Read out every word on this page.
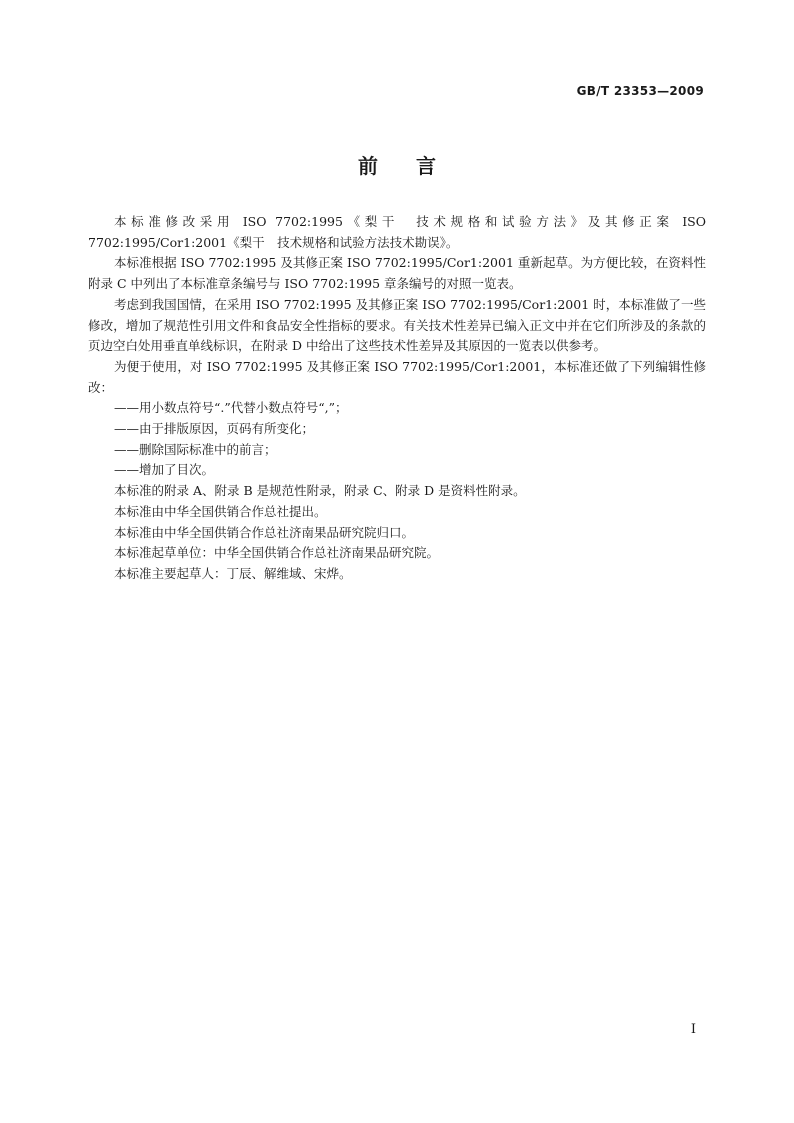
GB/T 23353—2009
前言

本标准修改采用 ISO 7702:1995《梨干　技术规格和试验方法》及其修正案 ISO 7702:1995/Cor1:2001《梨干　技术规格和试验方法技术勘误》。

本标准根据 ISO 7702:1995 及其修正案 ISO 7702:1995/Cor1:2001 重新起草。为方便比较，在资料性附录 C 中列出了本标准章条编号与 ISO 7702:1995 章条编号的对照一览表。

考虑到我国国情，在采用 ISO 7702:1995 及其修正案 ISO 7702:1995/Cor1:2001 时，本标准做了一些修改，增加了规范性引用文件和食品安全性指标的要求。有关技术性差异已编入正文中并在它们所涉及的条款的页边空白处用垂直单线标识，在附录 D 中给出了这些技术性差异及其原因的一览表以供参考。

为便于使用，对 ISO 7702:1995 及其修正案 ISO 7702:1995/Cor1:2001，本标准还做了下列编辑性修改：

——用小数点符号“.”代替小数点符号“,”；

——由于排版原因，页码有所变化；

——删除国际标准中的前言；

——增加了目次。

本标准的附录 A、附录 B 是规范性附录，附录 C、附录 D 是资料性附录。

本标准由中华全国供销合作总社提出。

本标准由中华全国供销合作总社济南果品研究院归口。

本标准起草单位：中华全国供销合作总社济南果品研究院。

本标准主要起草人：丁辰、解维域、宋烨。

I
